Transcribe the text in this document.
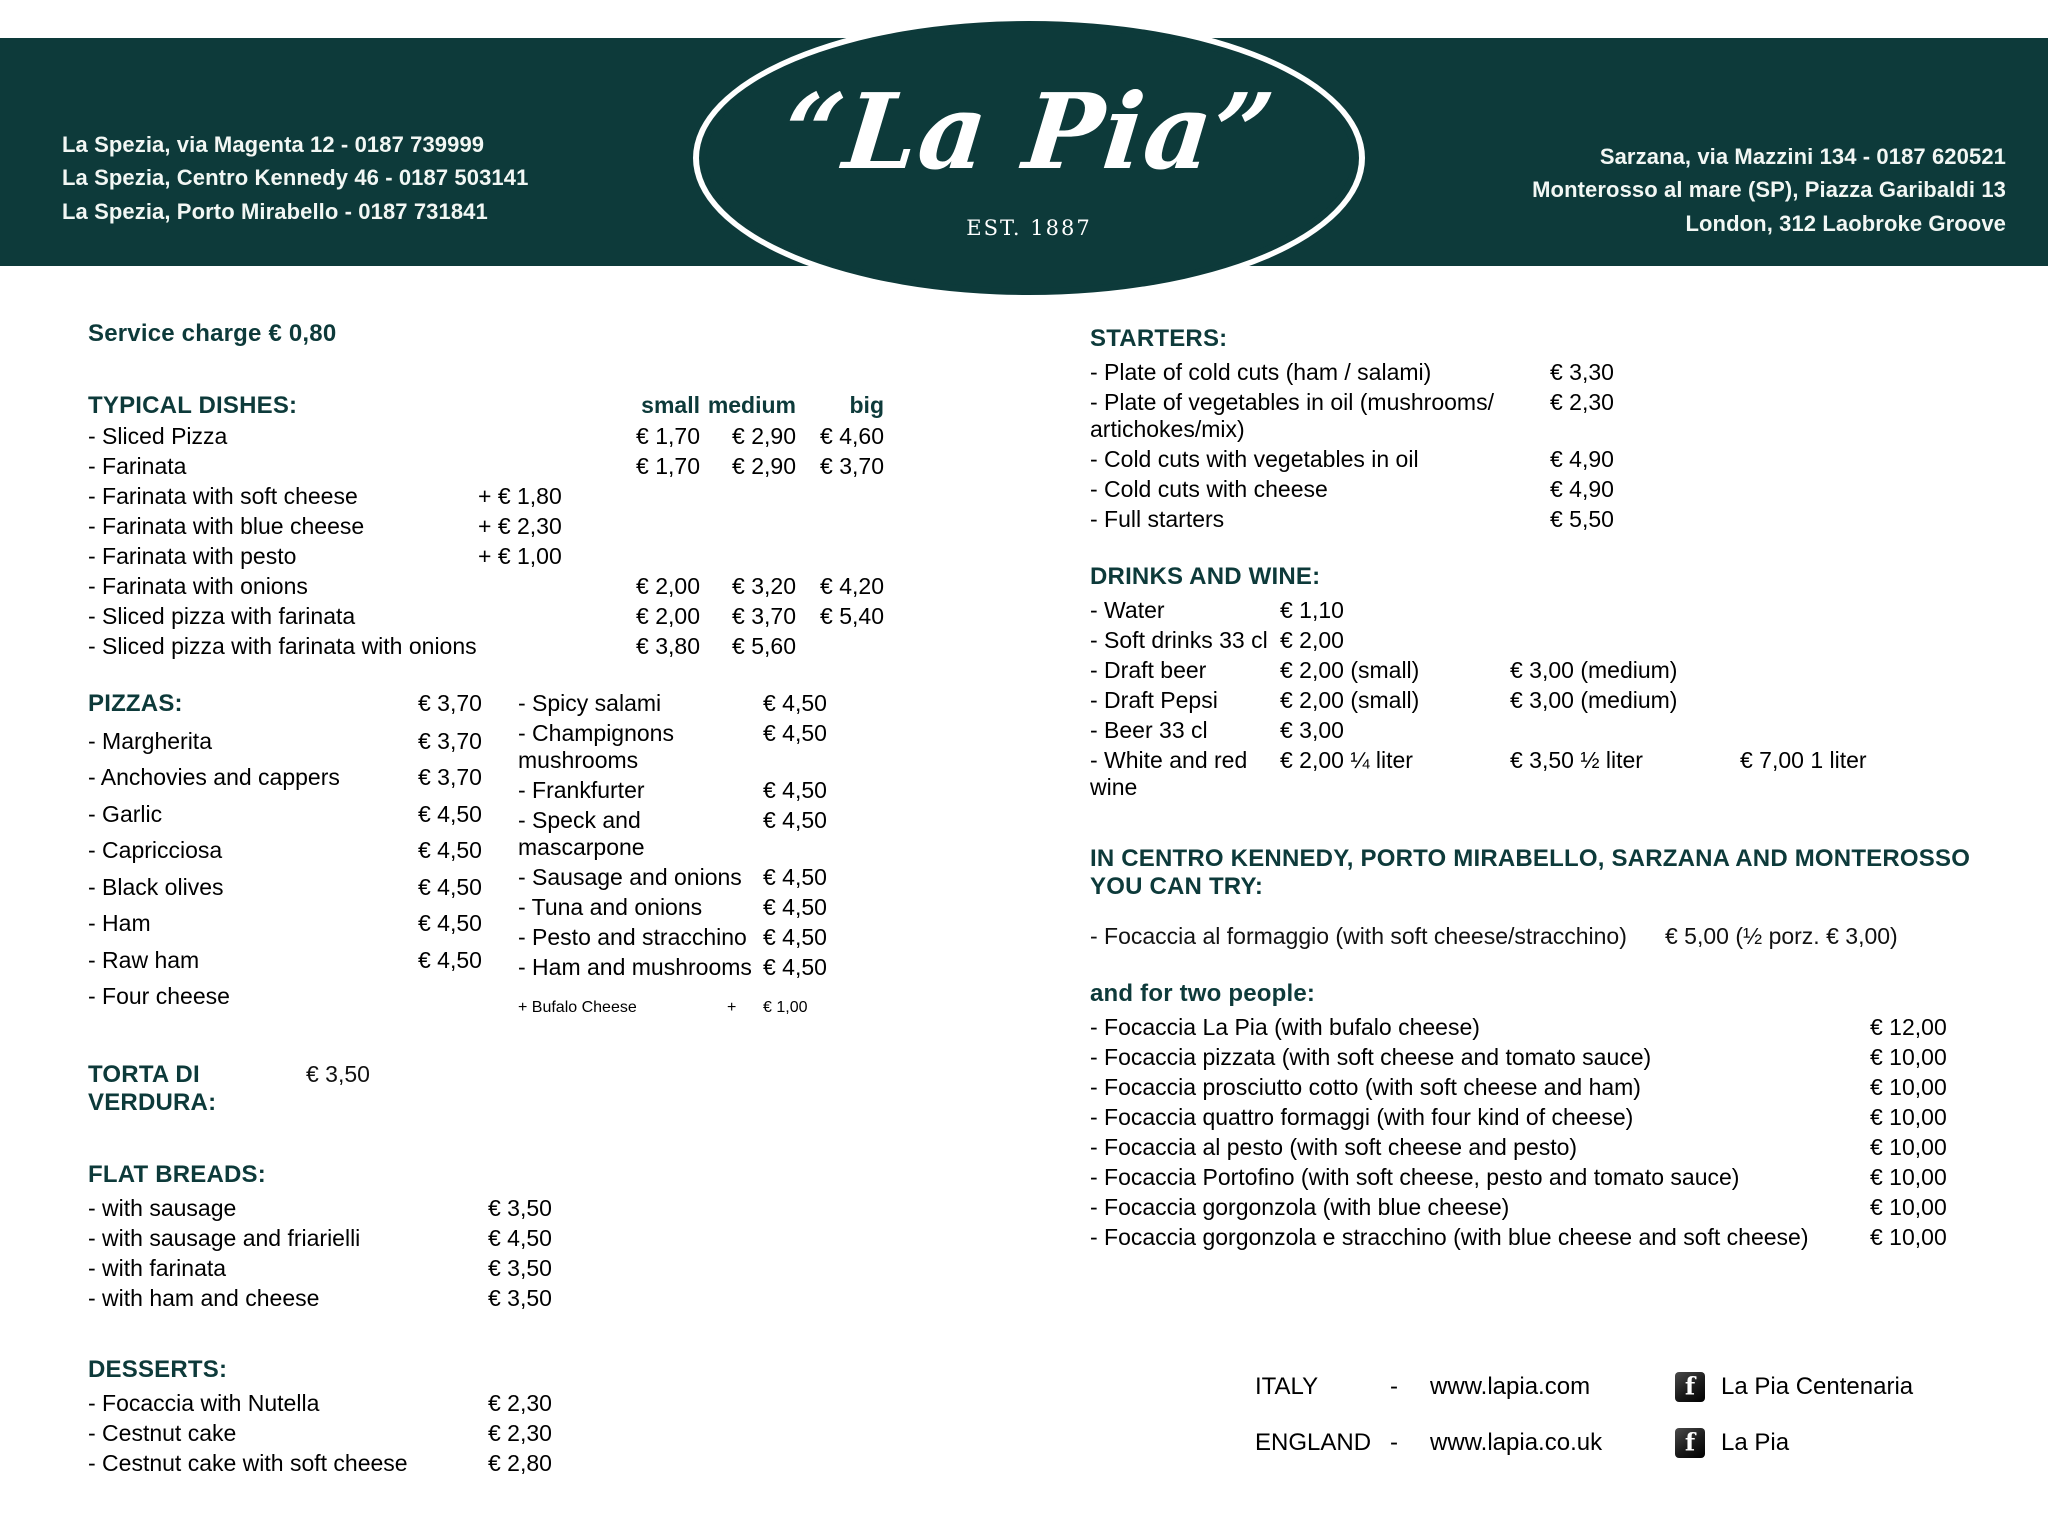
La Spezia, via Magenta 12 - 0187 739999
La Spezia, Centro Kennedy 46 - 0187 503141
La Spezia, Porto Mirabello - 0187 731841
Sarzana, via Mazzini 134 - 0187 620521
Monterosso al mare (SP), Piazza Garibaldi 13
London, 312 Laobroke Groove
“La Pia”
EST. 1887
Service charge € 0,80
TYPICAL DISHES:	small medium	big
- Sliced Pizza	€ 1,70	€ 2,90	€ 4,60
- Farinata	€ 1,70	€ 2,90	€ 3,70
- Farinata with soft cheese	+ € 1,80
- Farinata with blue cheese	+ € 2,30
- Farinata with pesto	+ € 1,00
- Farinata with onions	€ 2,00	€ 3,20	€ 4,20
- Sliced pizza with farinata	€ 2,00	€ 3,70	€ 5,40
- Sliced pizza with farinata with onions	€ 3,80	€ 5,60
PIZZAS:	€ 3,70
- Margherita	€ 3,70
- Anchovies and cappers	€ 3,70
- Garlic	€ 4,50
- Capricciosa	€ 4,50
- Black olives	€ 4,50
- Ham	€ 4,50
- Raw ham	€ 4,50
- Four cheese
- Spicy salami	€ 4,50
- Champignons mushrooms
€ 4,50
- Frankfurter	€ 4,50
- Speck and mascarpone
€ 4,50
- Sausage and onions € 4,50
- Tuna and onions	€ 4,50
- Pesto and stracchino € 4,50
- Ham and mushrooms € 4,50
+ Bufalo Cheese	+	€ 1,00
TORTA DI VERDURA:
€ 3,50
FLAT BREADS:
- with sausage	€ 3,50
- with sausage and friarielli	€ 4,50
- with farinata	€ 3,50
- with ham and cheese	€ 3,50
DESSERTS:
- Focaccia with Nutella	€ 2,30
- Cestnut cake	€ 2,30
- Cestnut cake with soft cheese	€ 2,80
STARTERS:
- Plate of cold cuts (ham / salami)	€ 3,30
- Plate of vegetables in oil (mushrooms/ artichokes/mix)
€ 2,30
- Cold cuts with vegetables in oil	€ 4,90
- Cold cuts with cheese	€ 4,90
- Full starters	€ 5,50
DRINKS AND WINE:
- Water	€ 1,10
- Soft drinks 33 cl € 2,00
- Draft beer	€ 2,00 (small)	€ 3,00 (medium)
- Draft Pepsi	€ 2,00 (small)	€ 3,00 (medium)
- Beer 33 cl	€ 3,00
- White and red wine
€ 2,00 ¼ liter	€ 3,50 ½ liter	€ 7,00 1 liter
IN CENTRO KENNEDY, PORTO MIRABELLO, SARZANA AND MONTEROSSO
YOU CAN TRY:
- Focaccia al formaggio (with soft cheese/stracchino)	€ 5,00 (½ porz. € 3,00)
and for two people:
- Focaccia La Pia (with bufalo cheese)	€ 12,00
- Focaccia pizzata (with soft cheese and tomato sauce)	€ 10,00
- Focaccia prosciutto cotto (with soft cheese and ham)	€ 10,00
- Focaccia quattro formaggi (with four kind of cheese)	€ 10,00
- Focaccia al pesto (with soft cheese and pesto)	€ 10,00
- Focaccia Portofino (with soft cheese, pesto and tomato sauce)	€ 10,00
- Focaccia gorgonzola (with blue cheese)	€ 10,00
- Focaccia gorgonzola e stracchino (with blue cheese and soft cheese)	€ 10,00
ITALY	-	www.lapia.com f	La Pia Centenaria
ENGLAND -	www.lapia.co.uk f	La Pia
